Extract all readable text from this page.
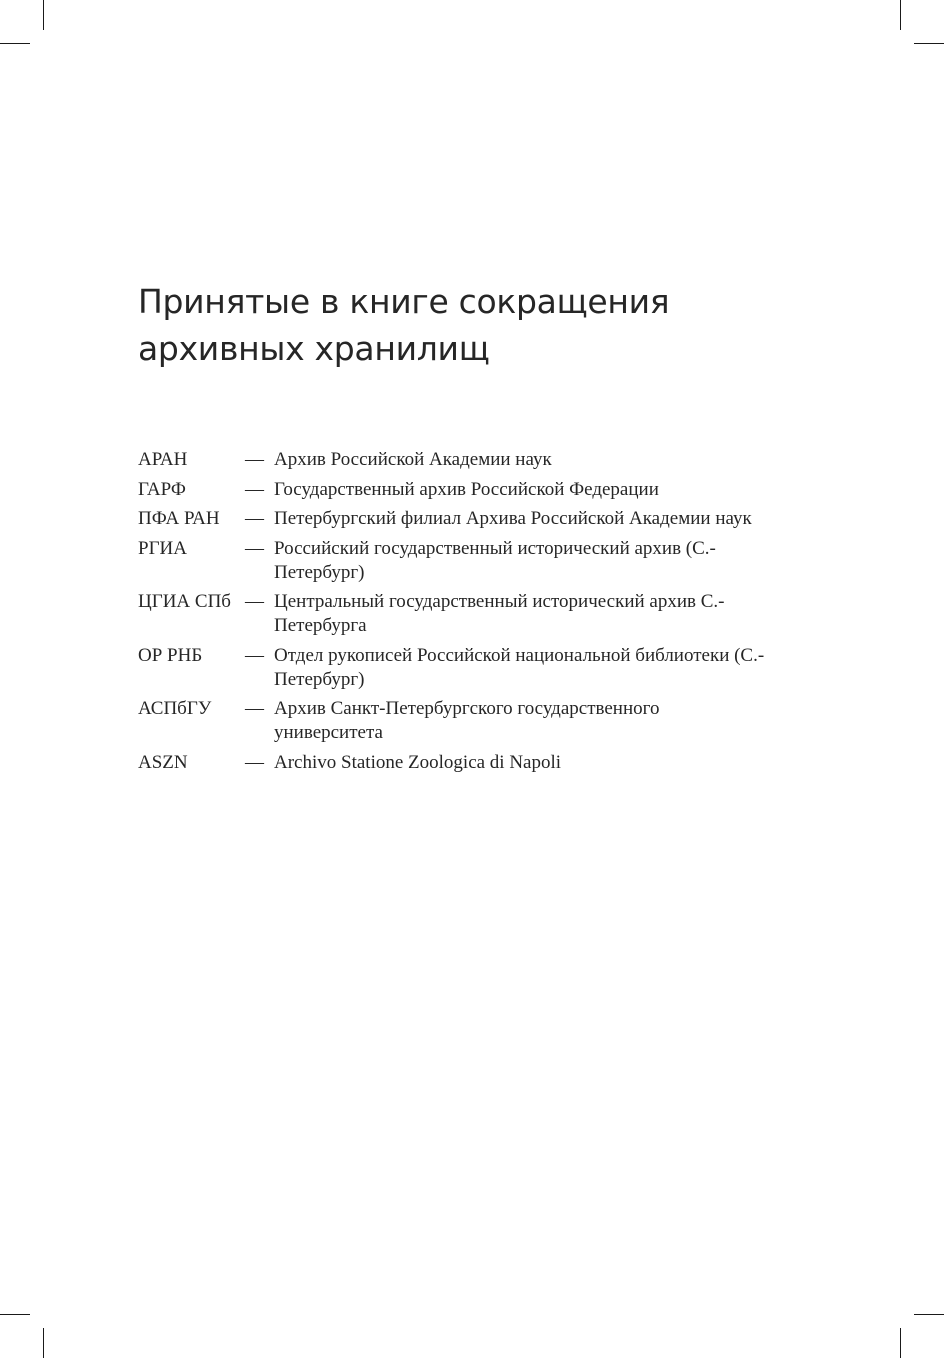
Принятые в книге сокращения
архивных хранилищ
АРАН	— Архив Российской Академии наук
ГАРФ	— Государственный архив Российской Федерации
ПФА РАН — Петербургский филиал Архива Российской Академии наук
РГИА	— Российский государственный исторический архив (С.-Петербург)
ЦГИА СПб — Центральный государственный исторический архив С.-Петербурга
ОР РНБ — Отдел рукописей Российской национальной библиотеки (С.-Петербург)
АСПбГУ — Архив Санкт-Петербургского государственного университета
ASZN	— Archivo Statione Zoologica di Napoli
